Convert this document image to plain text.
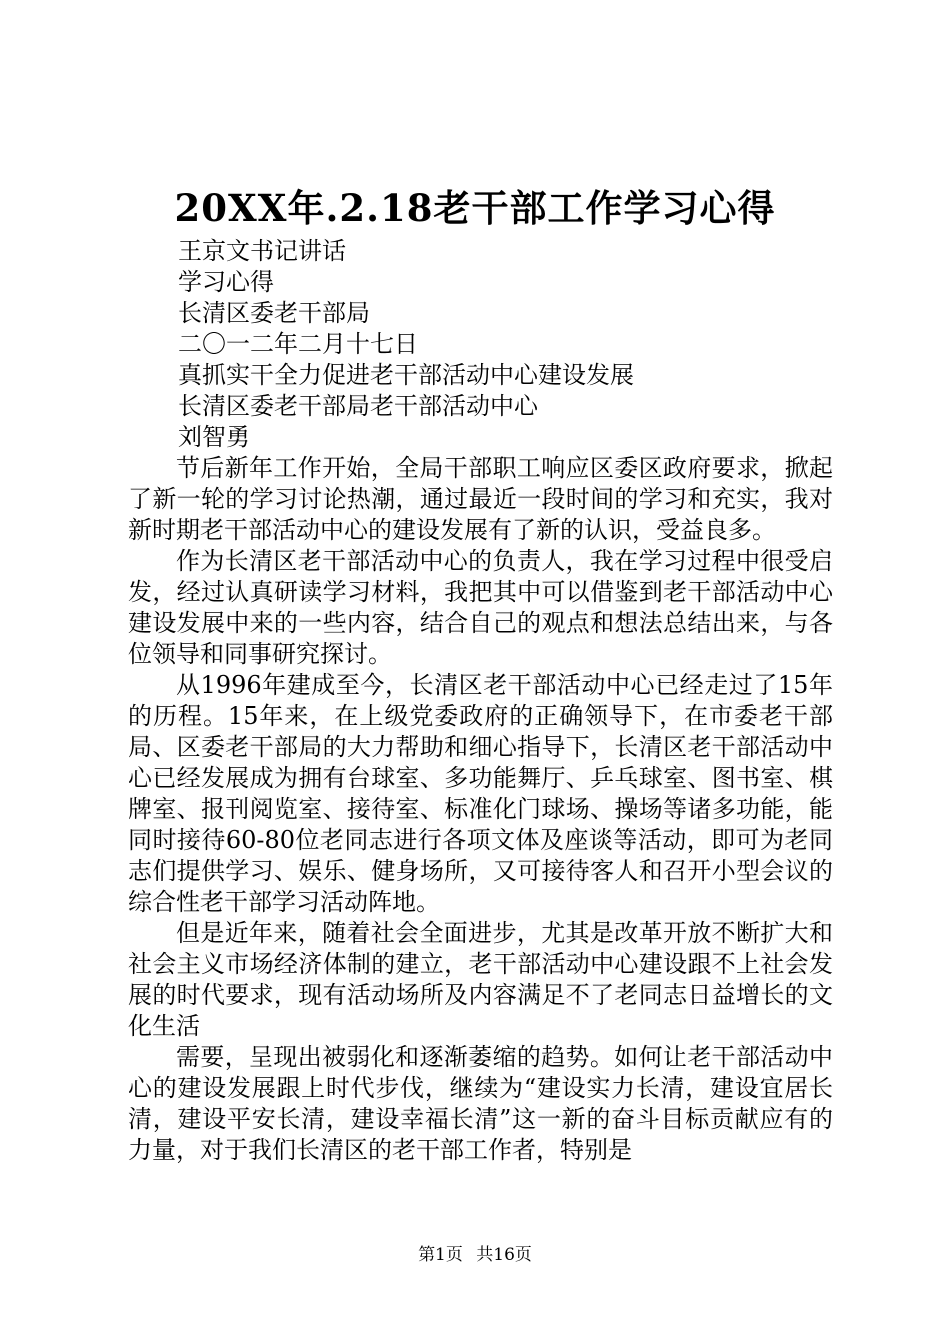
20XX年.2.18老干部工作学习心得

王京文书记讲话

学习心得

长清区委老干部局

二〇一二年二月十七日

真抓实干全力促进老干部活动中心建设发展

长清区委老干部局老干部活动中心

刘智勇

节后新年工作开始，全局干部职工响应区委区政府要求，掀起了新一轮的学习讨论热潮，通过最近一段时间的学习和充实，我对新时期老干部活动中心的建设发展有了新的认识，受益良多。

作为长清区老干部活动中心的负责人，我在学习过程中很受启发，经过认真研读学习材料，我把其中可以借鉴到老干部活动中心建设发展中来的一些内容，结合自己的观点和想法总结出来，与各位领导和同事研究探讨。

从1996年建成至今，长清区老干部活动中心已经走过了15年的历程。15年来，在上级党委政府的正确领导下，在市委老干部局、区委老干部局的大力帮助和细心指导下，长清区老干部活动中心已经发展成为拥有台球室、多功能舞厅、乒乓球室、图书室、棋牌室、报刊阅览室、接待室、标准化门球场、操场等诸多功能，能同时接待60-80位老同志进行各项文体及座谈等活动，即可为老同志们提供学习、娱乐、健身场所，又可接待客人和召开小型会议的综合性老干部学习活动阵地。

但是近年来，随着社会全面进步，尤其是改革开放不断扩大和社会主义市场经济体制的建立，老干部活动中心建设跟不上社会发展的时代要求，现有活动场所及内容满足不了老同志日益增长的文化生活

需要，呈现出被弱化和逐渐萎缩的趋势。如何让老干部活动中心的建设发展跟上时代步伐，继续为“建设实力长清，建设宜居长清，建设平安长清，建设幸福长清”这一新的奋斗目标贡献应有的力量，对于我们长清区的老干部工作者，特别是

第1页 共16页
